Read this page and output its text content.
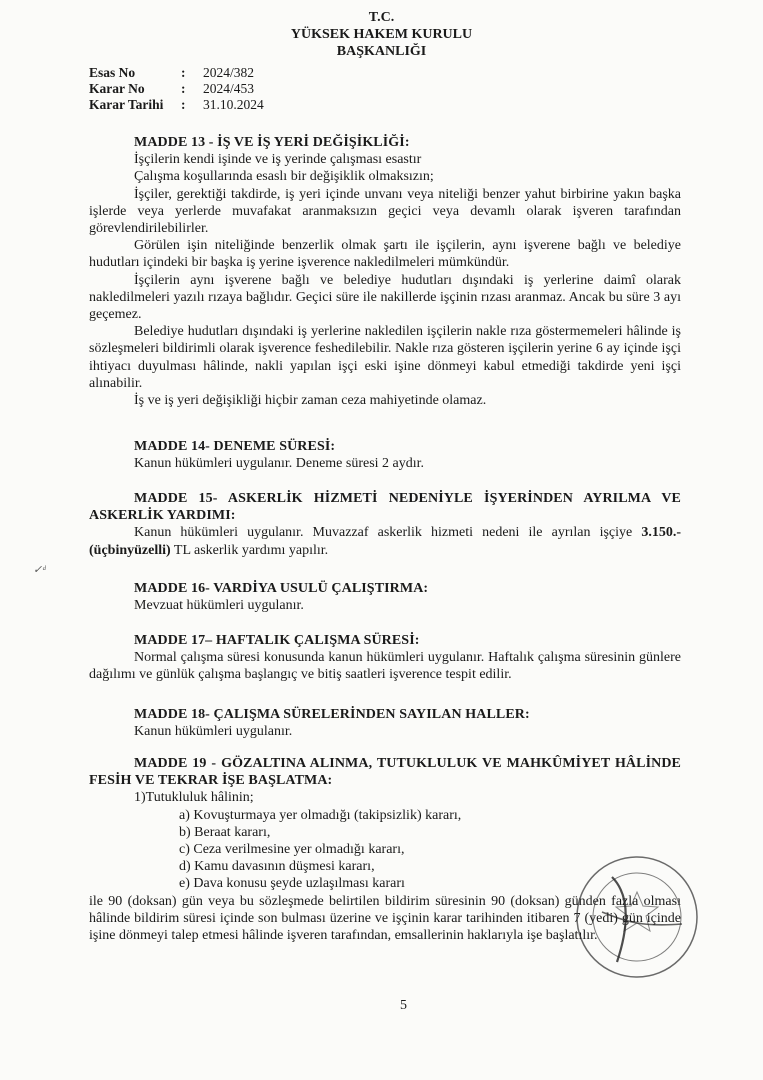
T.C.
YÜKSEK HAKEM KURULU
BAŞKANLIĞI
Esas No	:	2024/382
Karar No	:	2024/453
Karar Tarihi	:	31.10.2024
MADDE 13 - İŞ VE İŞ YERİ DEĞİŞİKLİĞİ:
İşçilerin kendi işinde ve iş yerinde çalışması esastır
Çalışma koşullarında esaslı bir değişiklik olmaksızın;
İşçiler, gerektiği takdirde, iş yeri içinde unvanı veya niteliği benzer yahut birbirine yakın başka işlerde veya yerlerde muvafakat aranmaksızın geçici veya devamlı olarak işveren tarafından görevlendirilebilirler.
Görülen işin niteliğinde benzerlik olmak şartı ile işçilerin, aynı işverene bağlı ve belediye hudutları içindeki bir başka iş yerine işverence nakledilmeleri mümkündür.
İşçilerin aynı işverene bağlı ve belediye hudutları dışındaki iş yerlerine daimî olarak nakledilmeleri yazılı rızaya bağlıdır. Geçici süre ile nakillerde işçinin rızası aranmaz. Ancak bu süre 3 ayı geçemez.
Belediye hudutları dışındaki iş yerlerine nakledilen işçilerin nakle rıza göstermemeleri hâlinde iş sözleşmeleri bildirimli olarak işverence feshedilebilir. Nakle rıza gösteren işçilerin yerine 6 ay içinde işçi ihtiyacı duyulması hâlinde, nakli yapılan işçi eski işine dönmeyi kabul etmediği takdirde yeni işçi alınabilir.
İş ve iş yeri değişikliği hiçbir zaman ceza mahiyetinde olamaz.
MADDE 14- DENEME SÜRESİ:
Kanun hükümleri uygulanır. Deneme süresi 2 aydır.
MADDE 15- ASKERLİK HİZMETİ NEDENİYLE İŞYERİNDEN AYRILMA VE ASKERLİK YARDIMI:
Kanun hükümleri uygulanır. Muvazzaf askerlik hizmeti nedeni ile ayrılan işçiye 3.150.- (üçbinyüzelli) TL askerlik yardımı yapılır.
✓ᵈ
MADDE 16- VARDİYA USULÜ ÇALIŞTIRMA:
Mevzuat hükümleri uygulanır.
MADDE 17– HAFTALIK ÇALIŞMA SÜRESİ:
Normal çalışma süresi konusunda kanun hükümleri uygulanır. Haftalık çalışma süresinin günlere dağılımı ve günlük çalışma başlangıç ve bitiş saatleri işverence tespit edilir.
MADDE 18- ÇALIŞMA SÜRELERİNDEN SAYILAN HALLER:
Kanun hükümleri uygulanır.
MADDE 19 - GÖZALTINA ALINMA, TUTUKLULUK VE MAHKÛMİYET HÂLİNDE FESİH VE TEKRAR İŞE BAŞLATMA:
1)Tutukluluk hâlinin;
a) Kovuşturmaya yer olmadığı (takipsizlik) kararı,
b) Beraat kararı,
c) Ceza verilmesine yer olmadığı kararı,
d) Kamu davasının düşmesi kararı,
e) Dava konusu şeyde uzlaşılması kararı
ile 90 (doksan) gün veya bu sözleşmede belirtilen bildirim süresinin 90 (doksan) günden fazla olması hâlinde bildirim süresi içinde son bulması üzerine ve işçinin karar tarihinden itibaren 7 (yedi) gün içinde işine dönmeyi talep etmesi hâlinde işveren tarafından, emsallerinin haklarıyla işe başlatılır.
5
